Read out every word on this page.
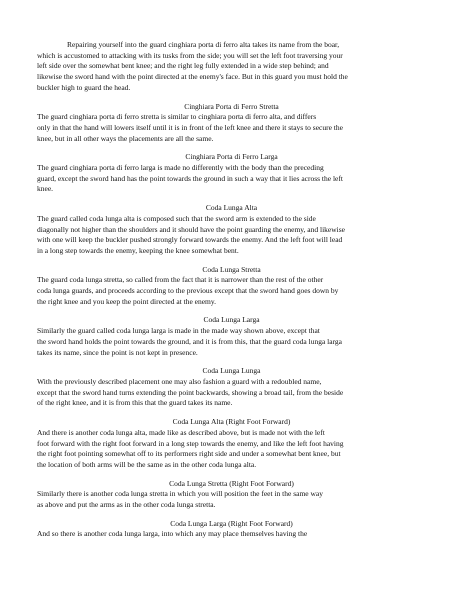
Repairing yourself into the guard cinghiara porta di ferro alta takes its name from the boar,
which is accustomed to attacking with its tusks from the side; you will set the left foot traversing your
left side over the somewhat bent knee; and the right leg fully extended in a wide step behind; and
likewise the sword hand with the point directed at the enemy's face. But in this guard you must hold the
buckler high to guard the head.

Cinghiara Porta di Ferro Stretta

The guard cinghiara porta di ferro stretta is similar to cinghiara porta di ferro alta, and differs
only in that the hand will lowers itself until it is in front of the left knee and there it stays to secure the
knee, but in all other ways the placements are all the same.

Cinghiara Porta di Ferro Larga

The guard cinghiara porta di ferro larga is made no differently with the body than the preceding
guard, except the sword hand has the point towards the ground in such a way that it lies across the left
knee.

Coda Lunga Alta

The guard called coda lunga alta is composed such that the sword arm is extended to the side
diagonally not higher than the shoulders and it should have the point guarding the enemy, and likewise
with one will keep the buckler pushed strongly forward towards the enemy. And the left foot will lead
in a long step towards the enemy, keeping the knee somewhat bent.

Coda Lunga Stretta

The guard coda lunga stretta, so called from the fact that it is narrower than the rest of the other
coda lunga guards, and proceeds according to the previous except that the sword hand goes down by
the right knee and you keep the point directed at the enemy.

Coda Lunga Larga

Similarly the guard called coda lunga larga is made in the made way shown above, except that
the sword hand holds the point towards the ground, and it is from this, that the guard coda lunga larga
takes its name, since the point is not kept in presence.

Coda Lunga Lunga

With the previously described placement one may also fashion a guard with a redoubled name,
except that the sword hand turns extending the point backwards, showing a broad tail, from the beside
of the right knee, and it is from this that the guard takes its name.

Coda Lunga Alta (Right Foot Forward)

And there is another coda lunga alta, made like as described above, but is made not with the left
foot forward with the right foot forward in a long step towards the enemy, and like the left foot having
the right foot pointing somewhat off to its performers right side and under a somewhat bent knee, but
the location of both arms will be the same as in the other coda lunga alta.

Coda Lunga Stretta (Right Foot Forward)

Similarly there is another coda lunga stretta in which you will position the feet in the same way
as above and put the arms as in the other coda lunga stretta.

Coda Lunga Larga (Right Foot Forward)

And so there is another coda lunga larga, into which any may place themselves having the
